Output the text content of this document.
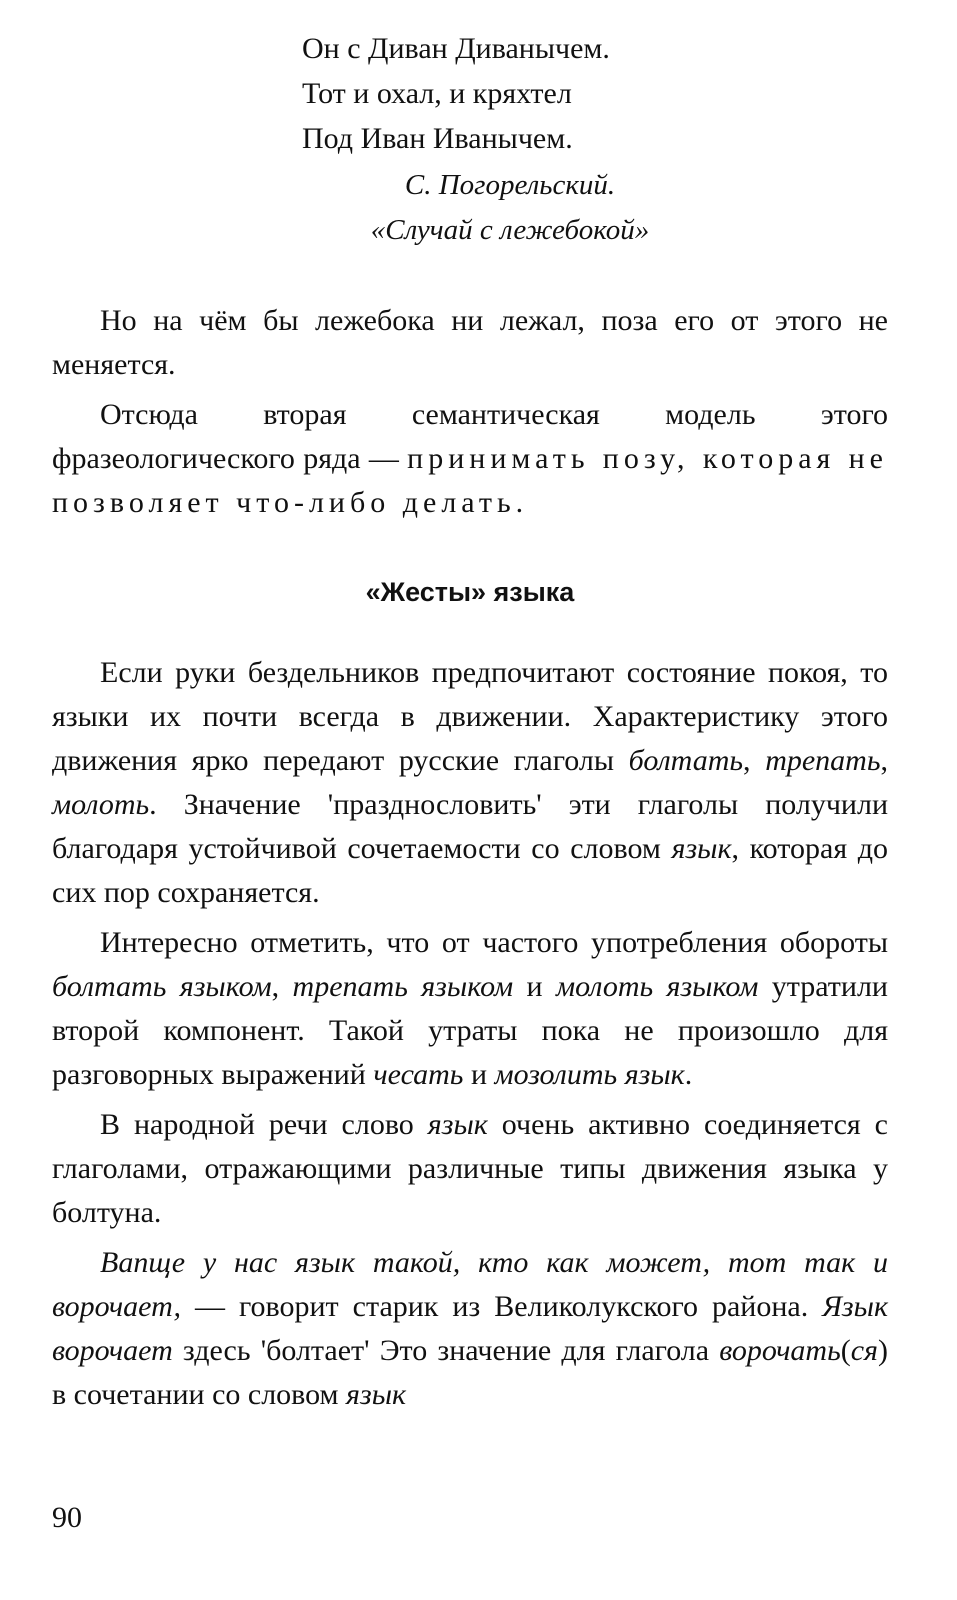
Он с Диван Диванычем.
Тот и охал, и кряхтел
Под Иван Иванычем.
С. Погорельский.
«Случай с лежебокой»

Но на чём бы лежебока ни лежал, поза его от этого не меняется.

Отсюда вторая семантическая модель этого фразеологического ряда — принимать позу, которая не позволяет что-либо делать.

«Жесты» языка

Если руки бездельников предпочитают состояние покоя, то языки их почти всегда в движении. Характеристику этого движения ярко передают русские глаголы болтать, трепать, молоть. Значение 'празднословить' эти глаголы получили благодаря устойчивой сочетаемости со словом язык, которая до сих пор сохраняется.

Интересно отметить, что от частого употребления обороты болтать языком, трепать языком и молоть языком утратили второй компонент. Такой утраты пока не произошло для разговорных выражений чесать и мозолить язык.

В народной речи слово язык очень активно соединяется с глаголами, отражающими различные типы движения языка у болтуна.

Вапще у нас язык такой, кто как может, тот так и ворочает, — говорит старик из Великолукского района. Язык ворочает здесь 'болтает' Это значение для глагола ворочать(ся) в сочетании со словом язык

90
